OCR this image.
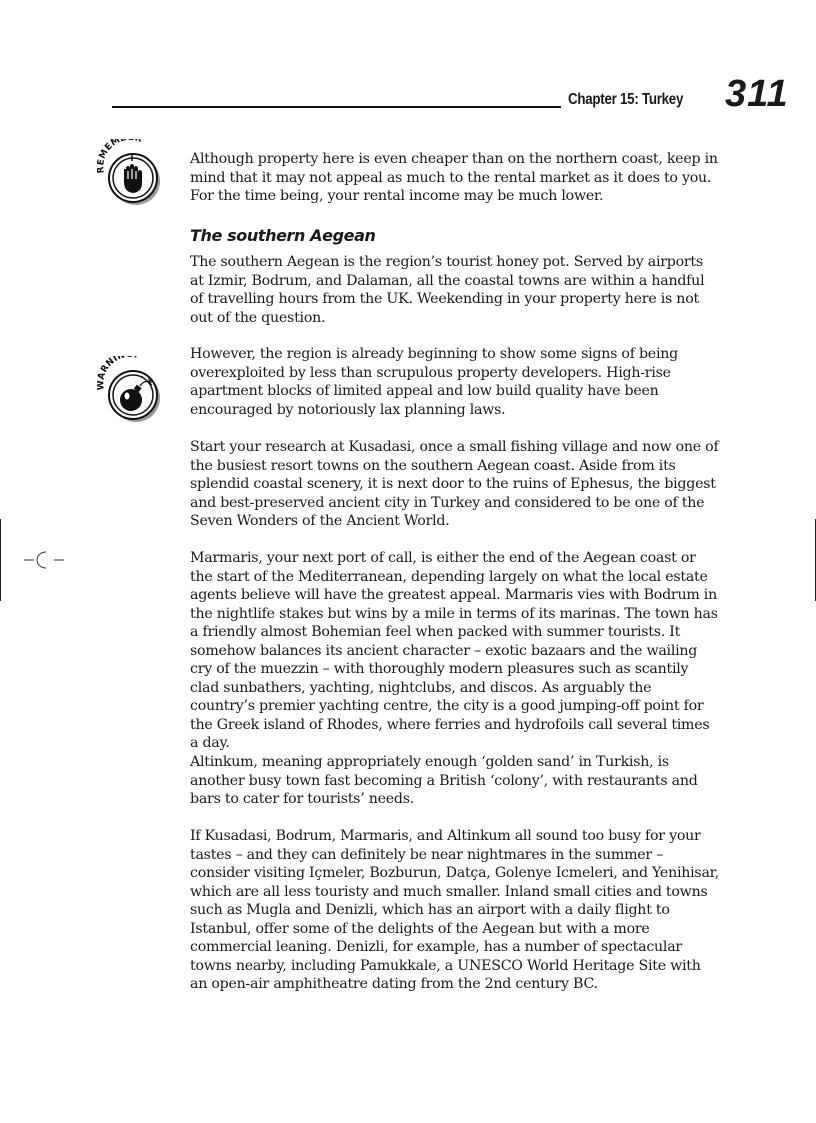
Chapter 15: Turkey 311
REMEM R
WARNIN

Although property here is even cheaper than on the northern coast, keep in mind that it may not appeal as much to the rental market as it does to you. For the time being, your rental income may be much lower.

The southern Aegean

The southern Aegean is the region’s tourist honey pot. Served by airports at Izmir, Bodrum, and Dalaman, all the coastal towns are within a handful of travelling hours from the UK. Weekending in your property here is not out of the question.

However, the region is already beginning to show some signs of being overexploited by less than scrupulous property developers. High-rise apartment blocks of limited appeal and low build quality have been encouraged by notoriously lax planning laws.

Start your research at Kusadasi, once a small fishing village and now one of the busiest resort towns on the southern Aegean coast. Aside from its splendid coastal scenery, it is next door to the ruins of Ephesus, the biggest and best-preserved ancient city in Turkey and considered to be one of the Seven Wonders of the Ancient World.

Marmaris, your next port of call, is either the end of the Aegean coast or the start of the Mediterranean, depending largely on what the local estate agents believe will have the greatest appeal. Marmaris vies with Bodrum in the nightlife stakes but wins by a mile in terms of its marinas. The town has a friendly almost Bohemian feel when packed with summer tourists. It somehow balances its ancient character – exotic bazaars and the wailing cry of the muezzin – with thoroughly modern pleasures such as scantily clad sunbathers, yachting, nightclubs, and discos. As arguably the country’s premier yachting centre, the city is a good jumping-off point for the Greek island of Rhodes, where ferries and hydrofoils call several times a day.

Altinkum, meaning appropriately enough ‘golden sand’ in Turkish, is another busy town fast becoming a British ‘colony’, with restaurants and bars to cater for tourists’ needs.

If Kusadasi, Bodrum, Marmaris, and Altinkum all sound too busy for your tastes – and they can definitely be near nightmares in the summer – consider visiting Içmeler, Bozburun, Datça, Golenye Icmeleri, and Yenihisar, which are all less touristy and much smaller. Inland small cities and towns such as Mugla and Denizli, which has an airport with a daily flight to Istanbul, offer some of the delights of the Aegean but with a more commercial leaning. Denizli, for example, has a number of spectacular towns nearby, including Pamukkale, a UNESCO World Heritage Site with an open-air amphitheatre dating from the 2nd century BC.
